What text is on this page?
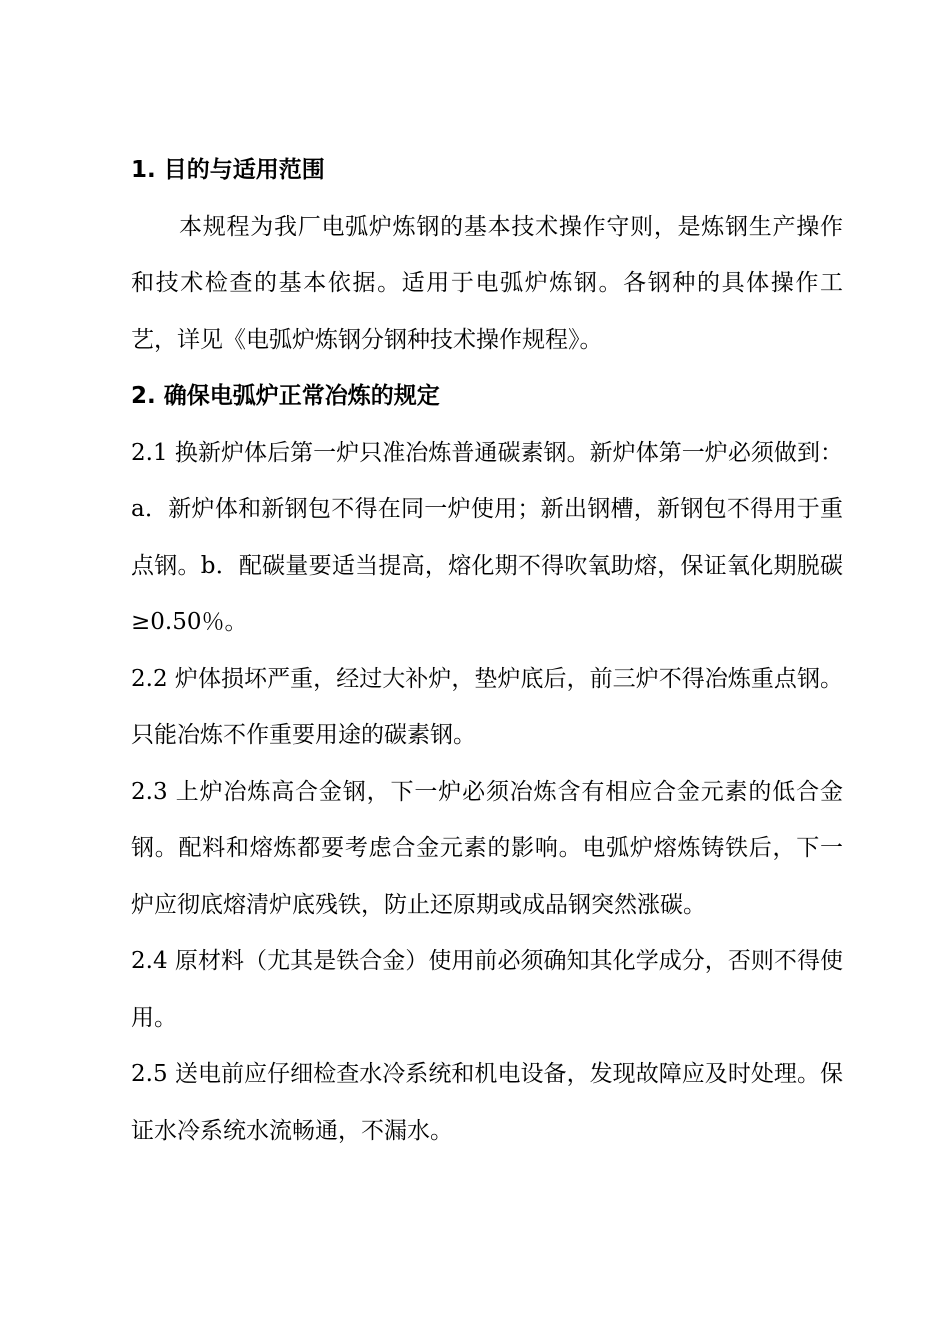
1. 目的与适用范围

本规程为我厂电弧炉炼钢的基本技术操作守则，是炼钢生产操作和技术检查的基本依据。适用于电弧炉炼钢。各钢种的具体操作工艺，详见《电弧炉炼钢分钢种技术操作规程》。

2. 确保电弧炉正常冶炼的规定

2.1 换新炉体后第一炉只准冶炼普通碳素钢。新炉体第一炉必须做到：a．新炉体和新钢包不得在同一炉使用；新出钢槽，新钢包不得用于重点钢。b．配碳量要适当提高，熔化期不得吹氧助熔，保证氧化期脱碳≥0.50％。

2.2 炉体损坏严重，经过大补炉，垫炉底后，前三炉不得冶炼重点钢。只能冶炼不作重要用途的碳素钢。

2.3 上炉冶炼高合金钢，下一炉必须冶炼含有相应合金元素的低合金钢。配料和熔炼都要考虑合金元素的影响。电弧炉熔炼铸铁后，下一炉应彻底熔清炉底残铁，防止还原期或成品钢突然涨碳。

2.4 原材料（尤其是铁合金）使用前必须确知其化学成分，否则不得使用。

2.5 送电前应仔细检查水冷系统和机电设备，发现故障应及时处理。保证水冷系统水流畅通，不漏水。
